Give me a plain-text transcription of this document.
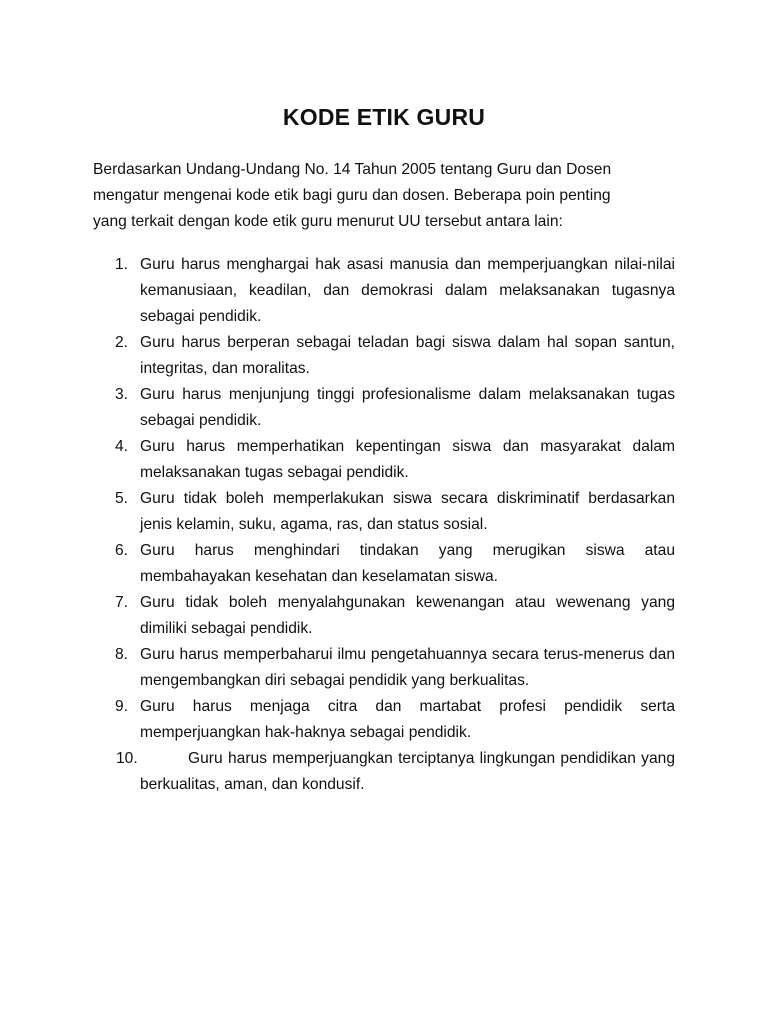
KODE ETIK GURU

Berdasarkan Undang-Undang No. 14 Tahun 2005 tentang Guru dan Dosen
mengatur mengenai kode etik bagi guru dan dosen. Beberapa poin penting
yang terkait dengan kode etik guru menurut UU tersebut antara lain:

1. Guru harus menghargai hak asasi manusia dan memperjuangkan nilai-nilai kemanusiaan, keadilan, dan demokrasi dalam melaksanakan tugasnya sebagai pendidik.
2. Guru harus berperan sebagai teladan bagi siswa dalam hal sopan santun, integritas, dan moralitas.
3. Guru harus menjunjung tinggi profesionalisme dalam melaksanakan tugas sebagai pendidik.
4. Guru harus memperhatikan kepentingan siswa dan masyarakat dalam melaksanakan tugas sebagai pendidik.
5. Guru tidak boleh memperlakukan siswa secara diskriminatif berdasarkan jenis kelamin, suku, agama, ras, dan status sosial.
6. Guru harus menghindari tindakan yang merugikan siswa atau membahayakan kesehatan dan keselamatan siswa.
7. Guru tidak boleh menyalahgunakan kewenangan atau wewenang yang dimiliki sebagai pendidik.
8. Guru harus memperbaharui ilmu pengetahuannya secara terus-menerus dan mengembangkan diri sebagai pendidik yang berkualitas.
9. Guru harus menjaga citra dan martabat profesi pendidik serta memperjuangkan hak-haknya sebagai pendidik.
10.	Guru harus memperjuangkan terciptanya lingkungan pendidikan yang berkualitas, aman, dan kondusif.
